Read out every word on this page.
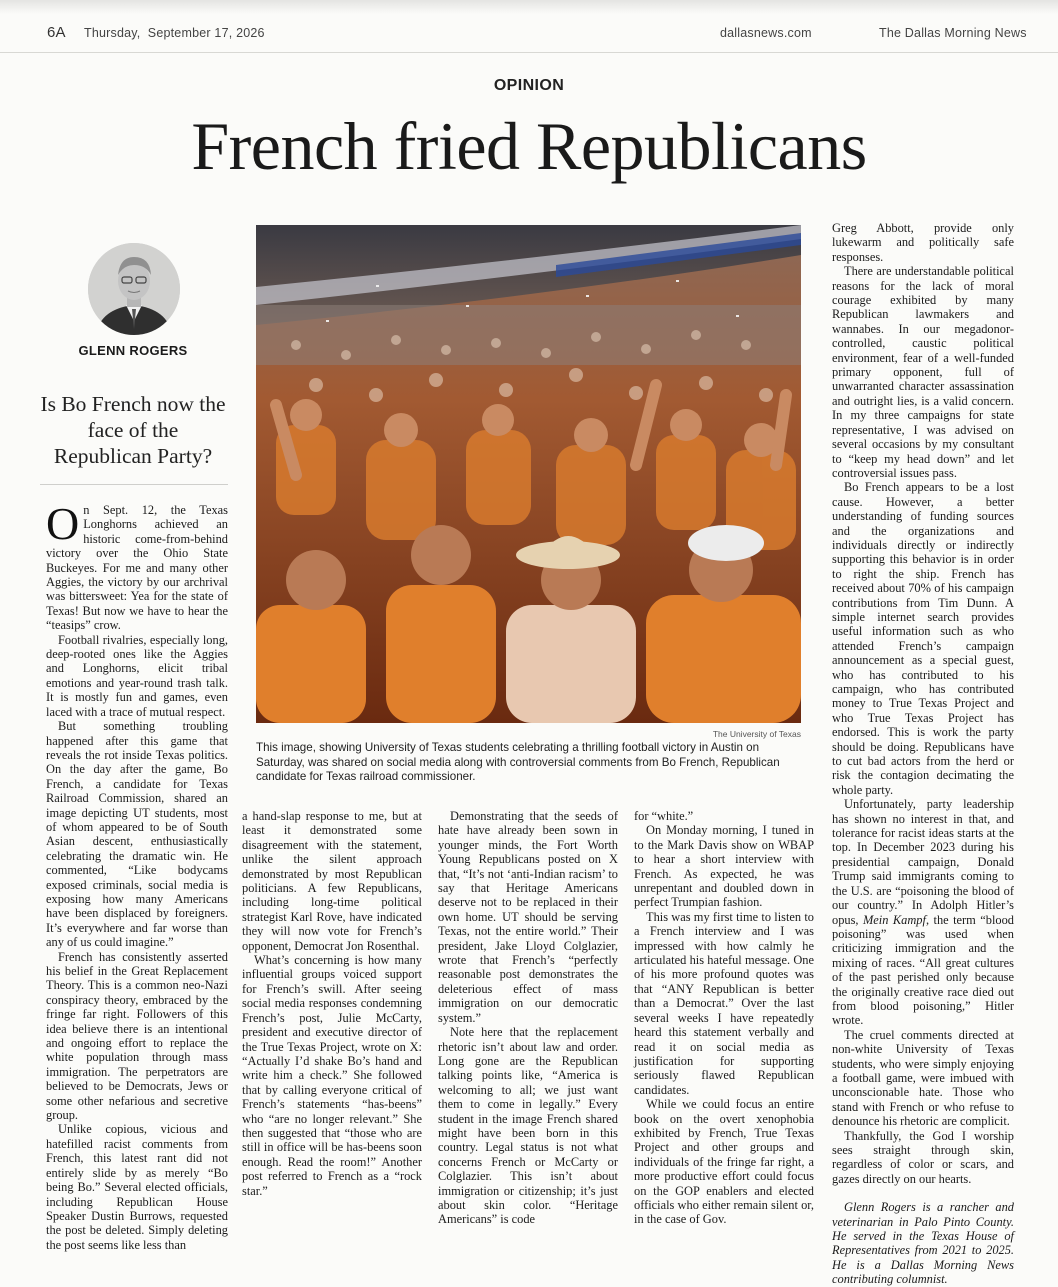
6A Thursday,  September 17, 2026	dallasnews.com	The Dallas Morning News
OPINION
French fried Republicans
GLENN ROGERS
Is Bo French now the face of the Republican Party?
The University of Texas
This image, showing University of Texas students celebrating a thrilling football victory in Austin on Saturday, was shared on social media along with controversial comments from Bo French, Republican candidate for Texas railroad commissioner.

On Sept. 12, the Texas Longhorns achieved an historic come-from-behind victory over the Ohio State Buckeyes. For me and many other Aggies, the victory by our archrival was bittersweet: Yea for the state of Texas! But now we have to hear the “teasips” crow.

Football rivalries, especially long, deep-rooted ones like the Aggies and Longhorns, elicit tribal emotions and year-round trash talk. It is mostly fun and games, even laced with a trace of mutual respect.

But something troubling happened after this game that reveals the rot inside Texas politics. On the day after the game, Bo French, a candidate for Texas Railroad Commission, shared an image depicting UT students, most of whom appeared to be of South Asian descent, enthusiastically celebrating the dramatic win. He commented, “Like bodycams exposed criminals, social media is exposing how many Americans have been displaced by foreigners. It’s everywhere and far worse than any of us could imagine.”

French has consistently asserted his belief in the Great Replacement Theory. This is a common neo-Nazi conspiracy theory, embraced by the fringe far right. Followers of this idea believe there is an intentional and ongoing effort to replace the white population through mass immigration. The perpetrators are believed to be Democrats, Jews or some other nefarious and secretive group.

Unlike copious, vicious and hatefilled racist comments from French, this latest rant did not entirely slide by as merely “Bo being Bo.” Several elected officials, including Republican House Speaker Dustin Burrows, requested the post be deleted. Simply deleting the post seems like less than

a hand-slap response to me, but at least it demonstrated some disagreement with the statement, unlike the silent approach demonstrated by most Republican politicians. A few Republicans, including long-time political strategist Karl Rove, have indicated they will now vote for French’s opponent, Democrat Jon Rosenthal.

What’s concerning is how many influential groups voiced support for French’s swill. After seeing social media responses condemning French’s post, Julie McCarty, president and executive director of the True Texas Project, wrote on X: “Actually I’d shake Bo’s hand and write him a check.” She followed that by calling everyone critical of French’s statements “has-beens” who “are no longer relevant.” She then suggested that “those who are still in office will be has-beens soon enough. Read the room!” Another post referred to French as a “rock star.”

Demonstrating that the seeds of hate have already been sown in younger minds, the Fort Worth Young Republicans posted on X that, “It’s not ‘anti-Indian racism’ to say that Heritage Americans deserve not to be replaced in their own home. UT should be serving Texas, not the entire world.” Their president, Jake Lloyd Colglazier, wrote that French’s “perfectly reasonable post demonstrates the deleterious effect of mass immigration on our democratic system.”

Note here that the replacement rhetoric isn’t about law and order. Long gone are the Republican talking points like, “America is welcoming to all; we just want them to come in legally.” Every student in the image French shared might have been born in this country. Legal status is not what concerns French or McCarty or Colglazier. This isn’t about immigration or citizenship; it’s just about skin color. “Heritage Americans” is code

for “white.”

On Monday morning, I tuned in to the Mark Davis show on WBAP to hear a short interview with French. As expected, he was unrepentant and doubled down in perfect Trumpian fashion.

This was my first time to listen to a French interview and I was impressed with how calmly he articulated his hateful message. One of his more profound quotes was that “ANY Republican is better than a Democrat.” Over the last several weeks I have repeatedly heard this statement verbally and read it on social media as justification for supporting seriously flawed Republican candidates.

While we could focus an entire book on the overt xenophobia exhibited by French, True Texas Project and other groups and individuals of the fringe far right, a more productive effort could focus on the GOP enablers and elected officials who either remain silent or, in the case of Gov.

Greg Abbott, provide only lukewarm and politically safe responses.

There are understandable political reasons for the lack of moral courage exhibited by many Republican lawmakers and wannabes. In our megadonor-controlled, caustic political environment, fear of a well-funded primary opponent, full of unwarranted character assassination and outright lies, is a valid concern. In my three campaigns for state representative, I was advised on several occasions by my consultant to “keep my head down” and let controversial issues pass.

Bo French appears to be a lost cause. However, a better understanding of funding sources and the organizations and individuals directly or indirectly supporting this behavior is in order to right the ship. French has received about 70% of his campaign contributions from Tim Dunn. A simple internet search provides useful information such as who attended French’s campaign announcement as a special guest, who has contributed to his campaign, who has contributed money to True Texas Project and who True Texas Project has endorsed. This is work the party should be doing. Republicans have to cut bad actors from the herd or risk the contagion decimating the whole party.

Unfortunately, party leadership has shown no interest in that, and tolerance for racist ideas starts at the top. In December 2023 during his presidential campaign, Donald Trump said immigrants coming to the U.S. are “poisoning the blood of our country.” In Adolph Hitler’s opus, Mein Kampf, the term “blood poisoning” was used when criticizing immigration and the mixing of races. “All great cultures of the past perished only because the originally creative race died out from blood poisoning,” Hitler wrote.

The cruel comments directed at non-white University of Texas students, who were simply enjoying a football game, were imbued with unconscionable hate. Those who stand with French or who refuse to denounce his rhetoric are complicit.

Thankfully, the God I worship sees straight through skin, regardless of color or scars, and gazes directly on our hearts.

Glenn Rogers is a rancher and veterinarian in Palo Pinto County. He served in the Texas House of Representatives from 2021 to 2025. He is a Dallas Morning News contributing columnist.
